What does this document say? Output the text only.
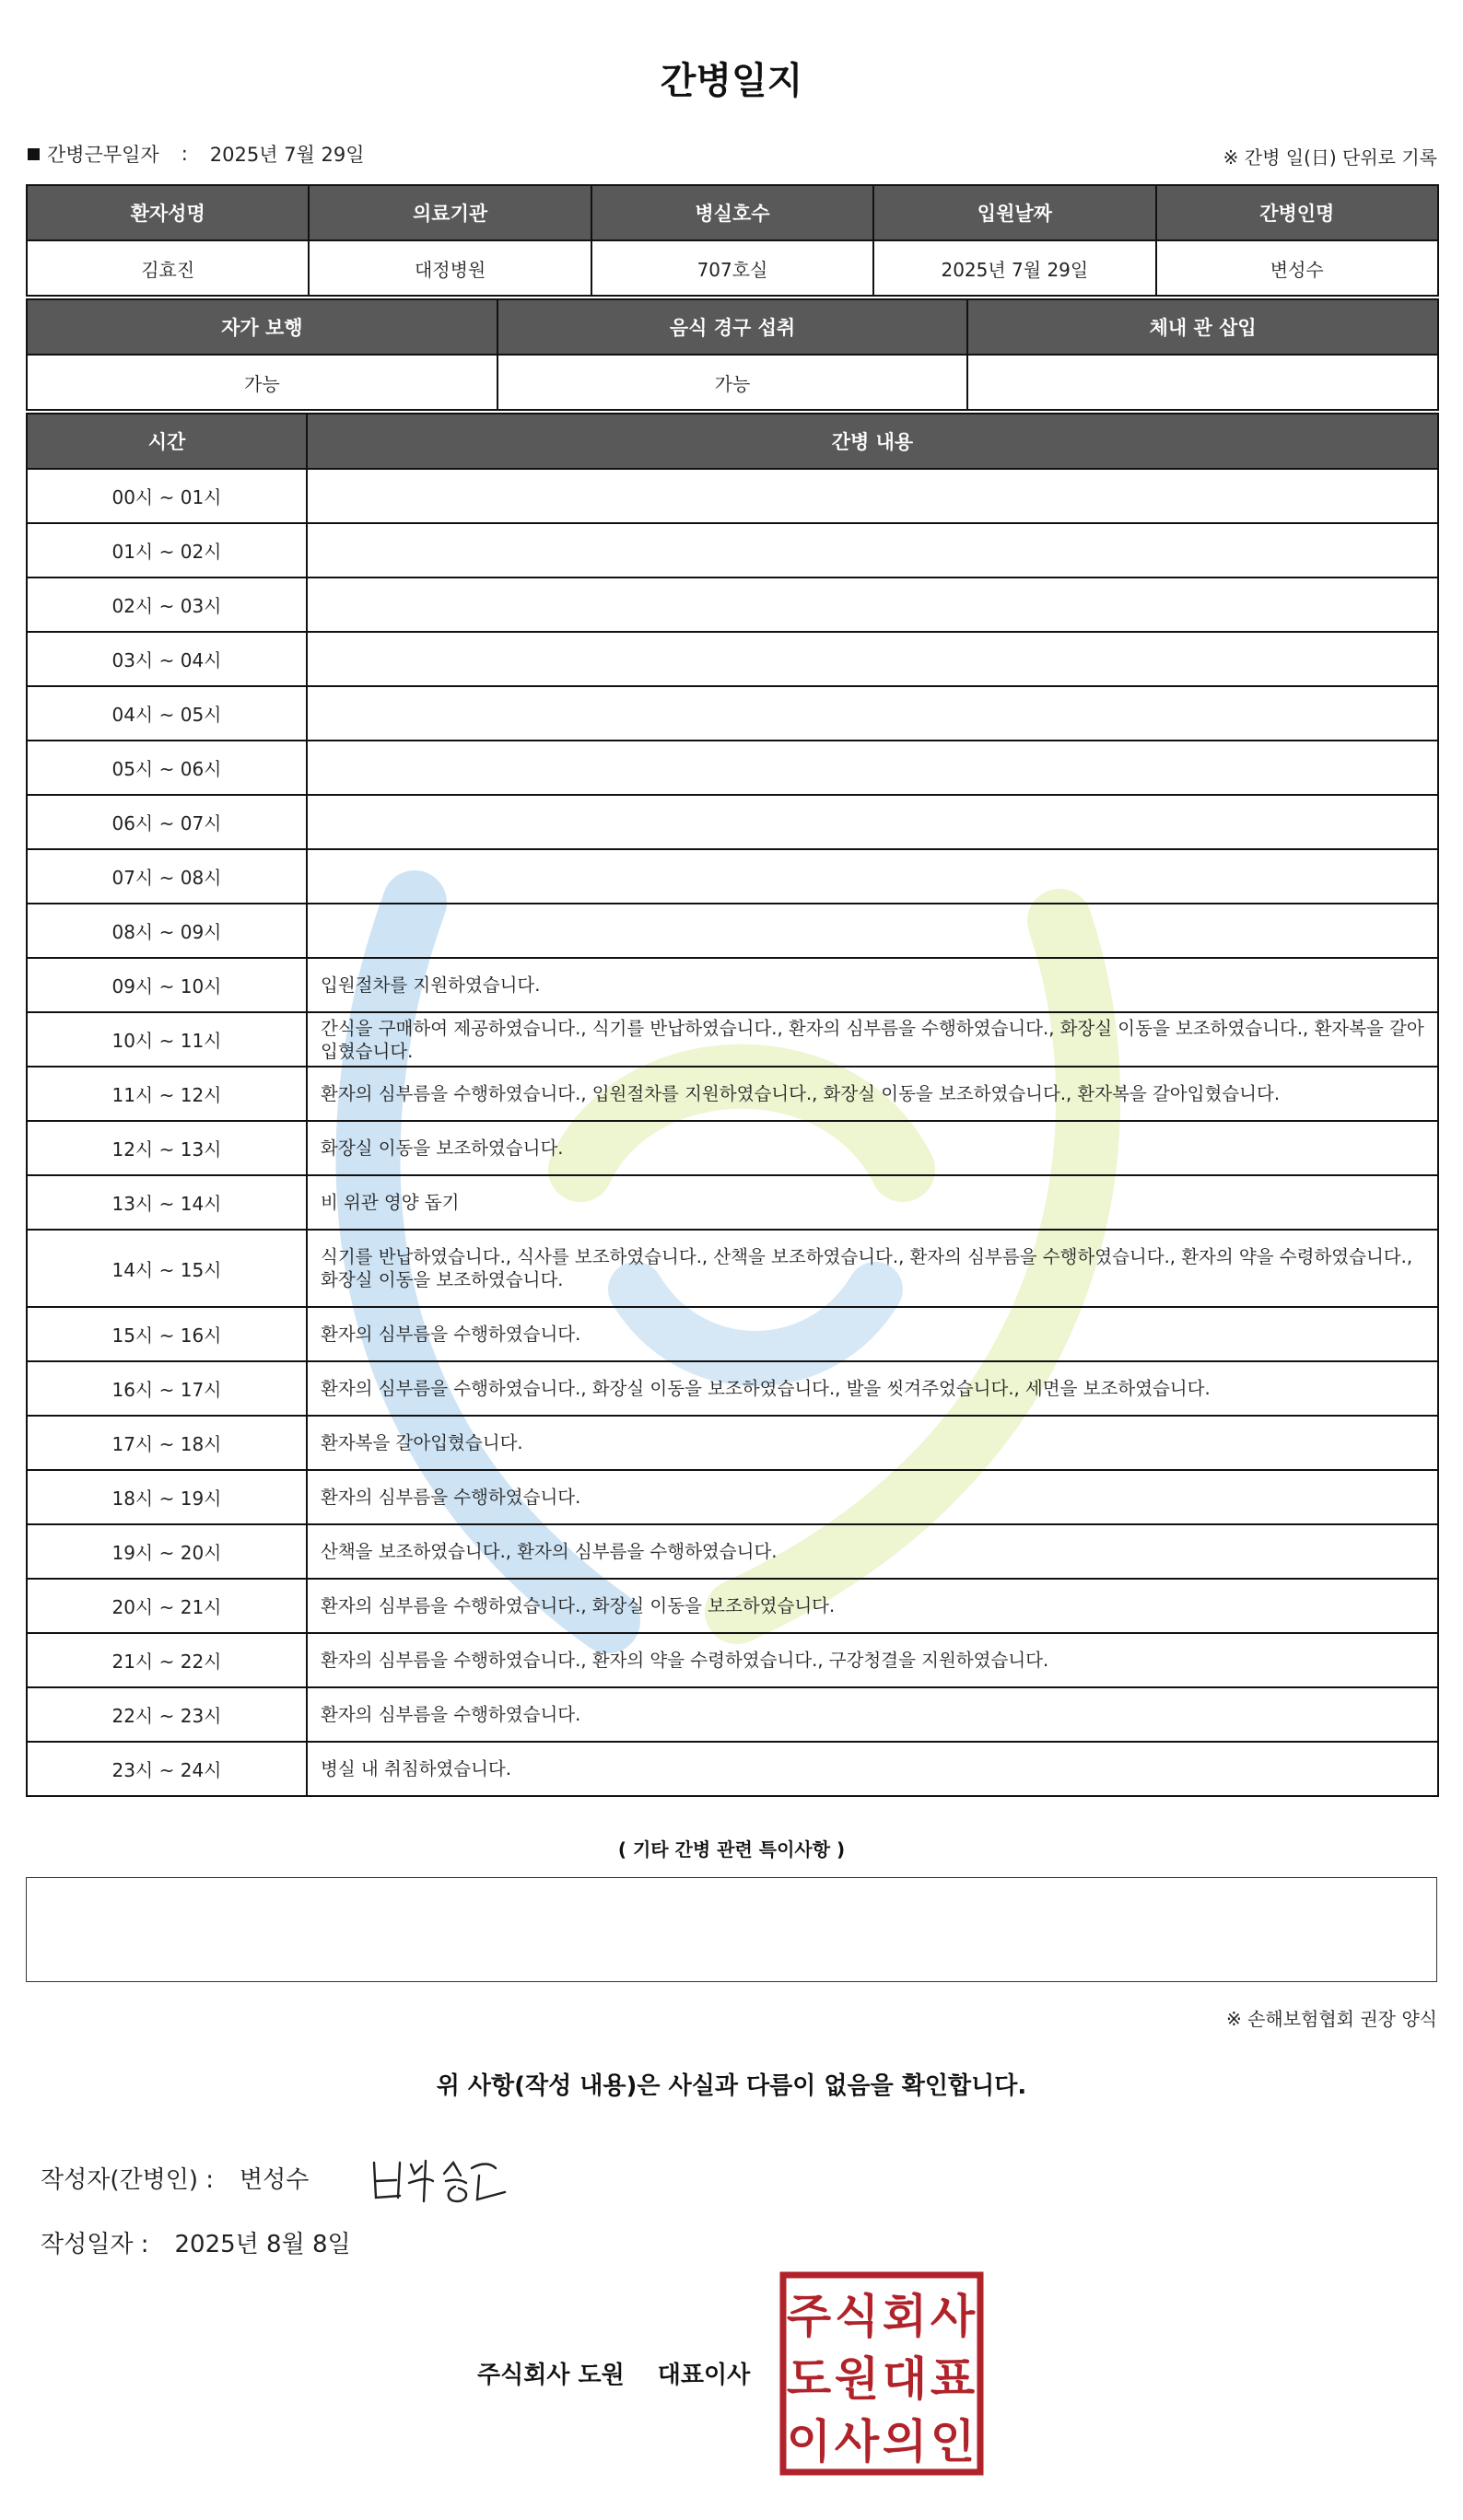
간병일지
간병근무일자 : 2025년 7월 29일	※ 간병 일(日) 단위로 기록
환자성명	의료기관	병실호수	입원날짜	간병인명
김효진	대정병원	707호실	2025년 7월 29일	변성수
자가 보행	음식 경구 섭취	체내 관 삽입
가능	가능	
시간	간병 내용
00시 ~ 01시	
01시 ~ 02시	
02시 ~ 03시	
03시 ~ 04시	
04시 ~ 05시	
05시 ~ 06시	
06시 ~ 07시	
07시 ~ 08시	
08시 ~ 09시	
09시 ~ 10시	입원절차를 지원하였습니다.
10시 ~ 11시	간식을 구매하여 제공하였습니다., 식기를 반납하였습니다., 환자의 심부름을 수행하였습니다., 화장실 이동을 보조하였습니다., 환자복을 갈아입혔습니다.
11시 ~ 12시	환자의 심부름을 수행하였습니다., 입원절차를 지원하였습니다., 화장실 이동을 보조하였습니다., 환자복을 갈아입혔습니다.
12시 ~ 13시	화장실 이동을 보조하였습니다.
13시 ~ 14시	비 위관 영양 돕기
14시 ~ 15시	식기를 반납하였습니다., 식사를 보조하였습니다., 산책을 보조하였습니다., 환자의 심부름을 수행하였습니다., 환자의 약을 수령하였습니다., 화장실 이동을 보조하였습니다.
15시 ~ 16시	환자의 심부름을 수행하였습니다.
16시 ~ 17시	환자의 심부름을 수행하였습니다., 화장실 이동을 보조하였습니다., 발을 씻겨주었습니다., 세면을 보조하였습니다.
17시 ~ 18시	환자복을 갈아입혔습니다.
18시 ~ 19시	환자의 심부름을 수행하였습니다.
19시 ~ 20시	산책을 보조하였습니다., 환자의 심부름을 수행하였습니다.
20시 ~ 21시	환자의 심부름을 수행하였습니다., 화장실 이동을 보조하였습니다.
21시 ~ 22시	환자의 심부름을 수행하였습니다., 환자의 약을 수령하였습니다., 구강청결을 지원하였습니다.
22시 ~ 23시	환자의 심부름을 수행하였습니다.
23시 ~ 24시	병실 내 취침하였습니다.
( 기타 간병 관련 특이사항 )
※ 손해보험협회 권장 양식
위 사항(작성 내용)은 사실과 다름이 없음을 확인합니다.
작성자(간병인) : 변성수
작성일자 : 2025년 8월 8일
주식회사 도원 대표이사
주 식 회 사
도 원 대 표
이 사 의 인
